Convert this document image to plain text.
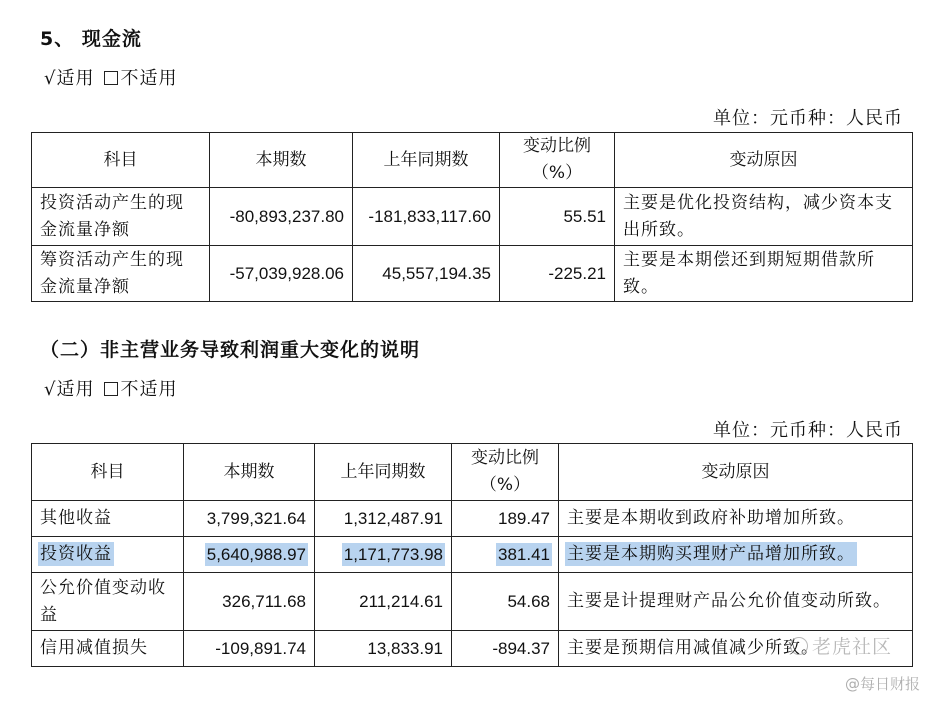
5、 现金流
√适用 不适用
单位：元币种：人民币
科目	本期数	上年同期数	变动比例（%）	变动原因
投资活动产生的现金流量净额	-80,893,237.80	-181,833,117.60	55.51	主要是优化投资结构，减少资本支出所致。
筹资活动产生的现金流量净额	-57,039,928.06	45,557,194.35	-225.21	主要是本期偿还到期短期借款所致。
（二）非主营业务导致利润重大变化的说明
√适用 不适用
单位：元币种：人民币
科目	本期数	上年同期数	变动比例（%）	变动原因
其他收益	3,799,321.64	1,312,487.91	189.47	主要是本期收到政府补助增加所致。
投资收益	5,640,988.97	1,171,773.98	381.41	主要是本期购买理财产品增加所致。
公允价值变动收益	326,711.68	211,214.61	54.68	主要是计提理财产品公允价值变动所致。
信用减值损失	-109,891.74	13,833.91	-894.37	主要是预期信用减值减少所致。
老虎社区
@每日财报
